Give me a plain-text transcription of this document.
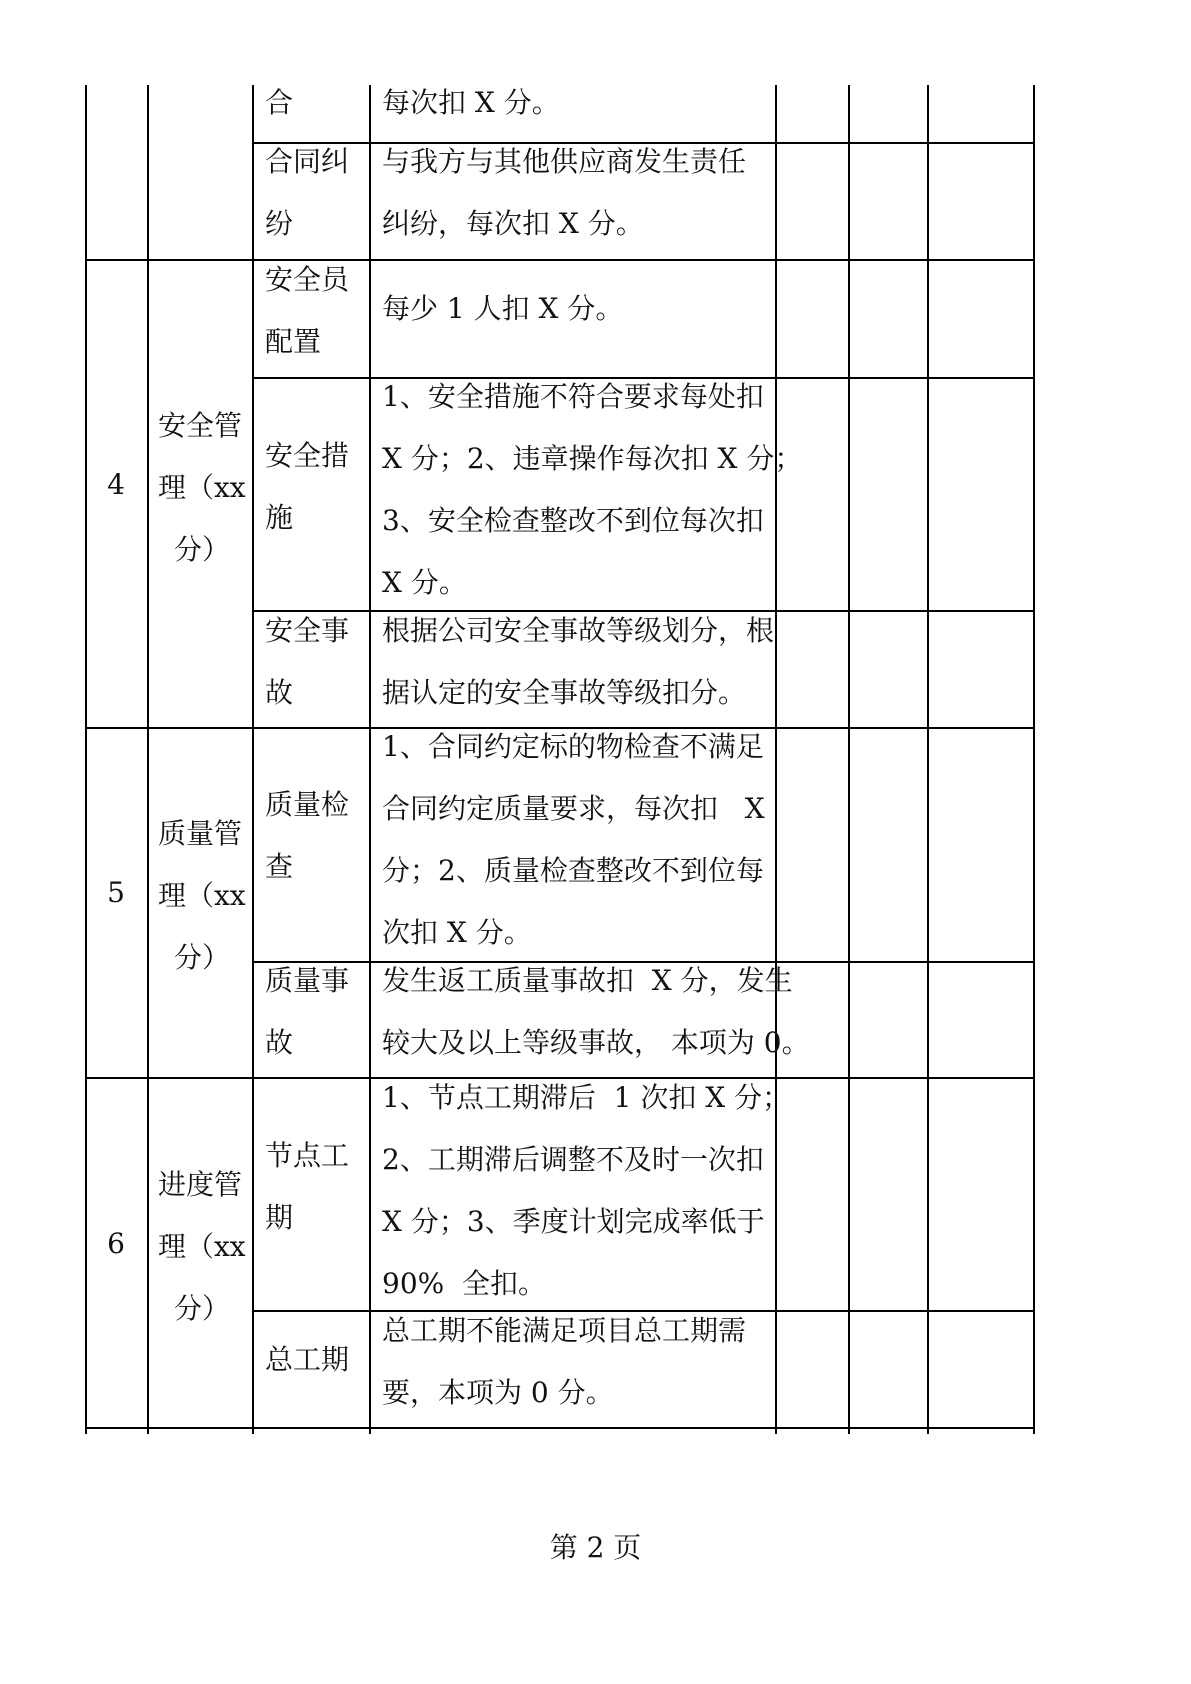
合	每次扣 X 分。
合同纠
纷
与我方与其他供应商发生责任
纠纷，每次扣 X 分。
4
安全管
理（xx
分）
安全员
配置
每少 1 人扣 X 分。
安全措
施
1、安全措施不符合要求每处扣
X 分；2、违章操作每次扣 X 分；
3、安全检查整改不到位每次扣
X 分。
安全事
故
根据公司安全事故等级划分，根
据认定的安全事故等级扣分。
5
质量管
理（xx
分）
质量检
查
1、合同约定标的物检查不满足
合同约定质量要求，每次扣   X
分；2、质量检查整改不到位每
次扣 X 分。
质量事
故
发生返工质量事故扣  X 分，发生
较大及以上等级事故， 本项为 0。
6
进度管
理（xx
分）
节点工
期
1、节点工期滞后  1 次扣 X 分；
2、工期滞后调整不及时一次扣
X 分；3、季度计划完成率低于
90%  全扣。
总工期
总工期不能满足项目总工期需
要，本项为 0 分。
第 2 页
